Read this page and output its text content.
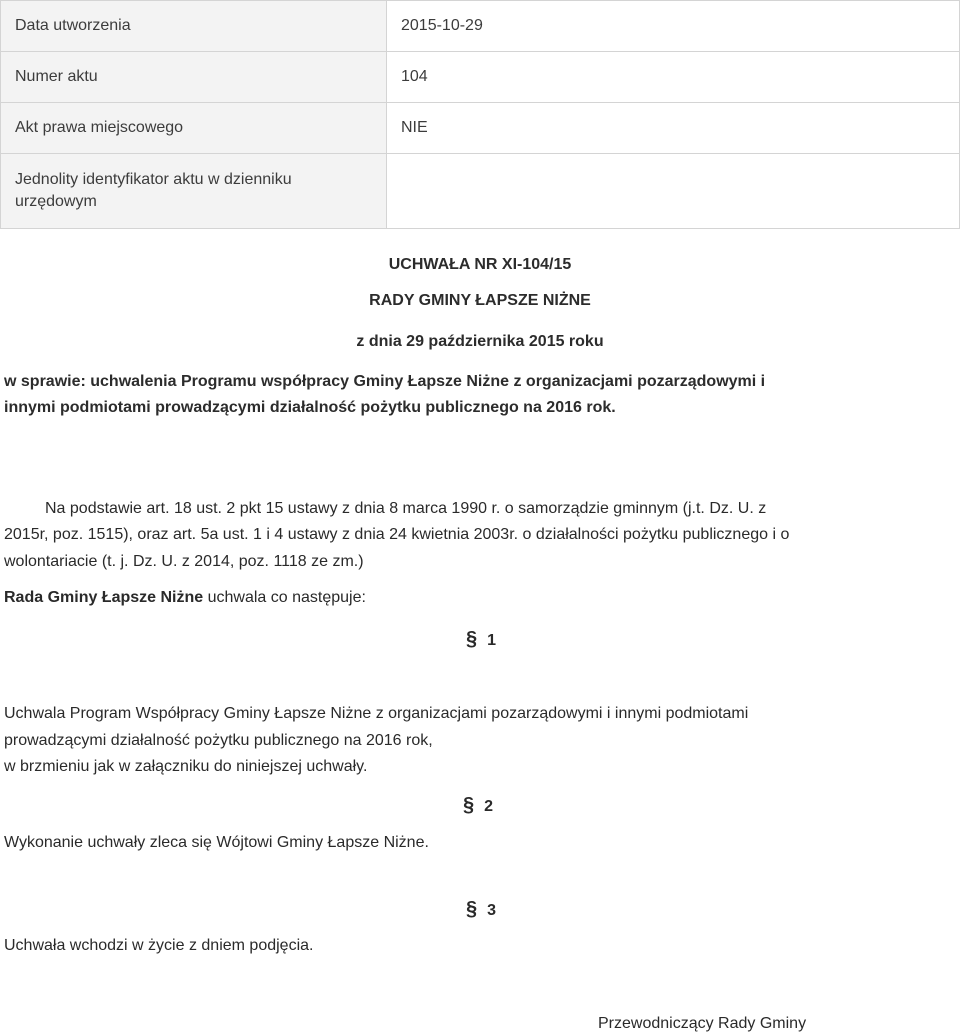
Data utworzenia	2015-10-29
Numer aktu	104
Akt prawa miejscowego	NIE
Jednolity identyfikator aktu w dzienniku
urzędowym	
UCHWAŁA NR XI-104/15
RADY GMINY ŁAPSZE NIŻNE
z dnia 29 października 2015 roku
w sprawie: uchwalenia Programu współpracy Gminy Łapsze Niżne z organizacjami pozarządowymi i
innymi podmiotami prowadzącymi działalność pożytku publicznego na 2016 rok.
Na podstawie art. 18 ust. 2 pkt 15 ustawy z dnia 8 marca 1990 r. o samorządzie gminnym (j.t. Dz. U. z
2015r, poz. 1515), oraz art. 5a ust. 1 i 4 ustawy z dnia 24 kwietnia 2003r. o działalności pożytku publicznego i o
wolontariacie (t. j. Dz. U. z 2014, poz. 1118 ze zm.)
Rada Gminy Łapsze Niżne uchwala co następuje:
§ 1
Uchwala Program Współpracy Gminy Łapsze Niżne z organizacjami pozarządowymi i innymi podmiotami
prowadzącymi działalność pożytku publicznego na 2016 rok,
w brzmieniu jak w załączniku do niniejszej uchwały.
§ 2
Wykonanie uchwały zleca się Wójtowi Gminy Łapsze Niżne.
§ 3
Uchwała wchodzi w życie z dniem podjęcia.
Przewodniczący Rady Gminy
